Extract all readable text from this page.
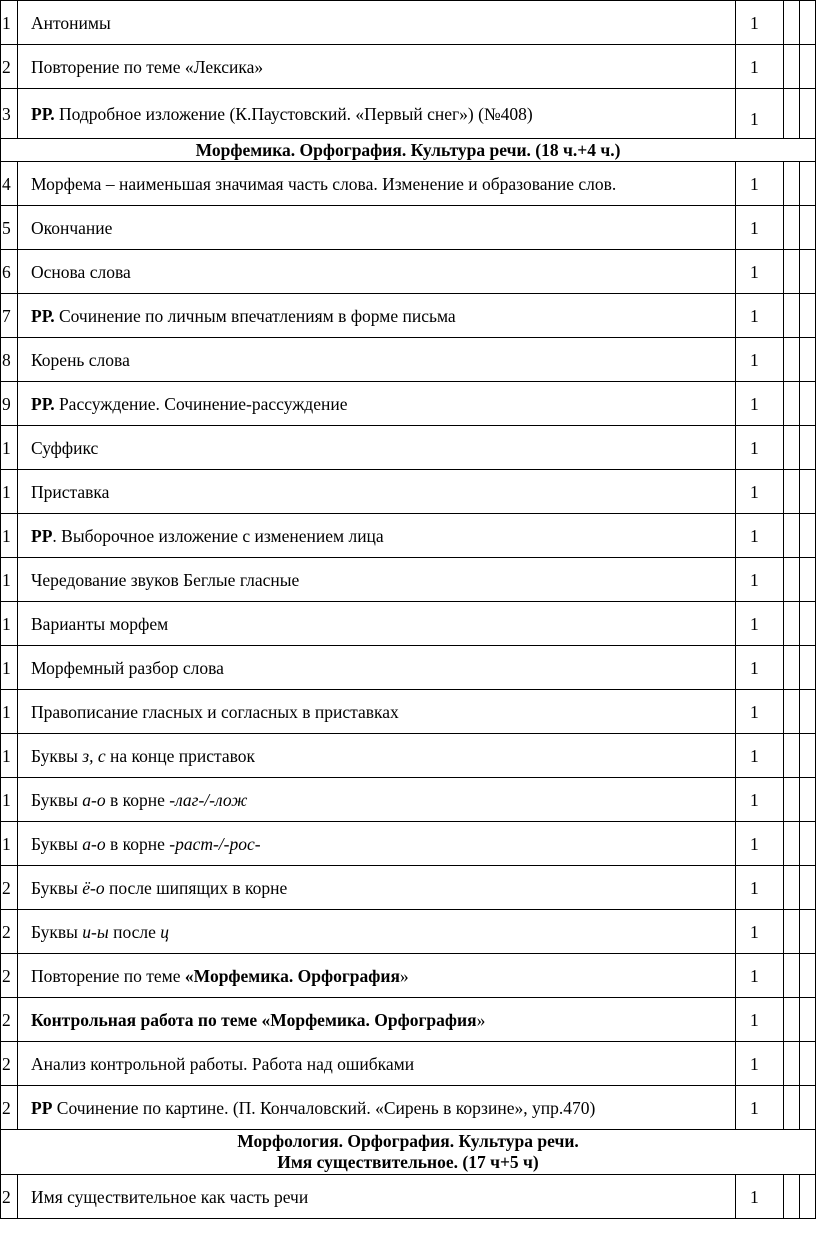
1	Антонимы	1		
2	Повторение по теме «Лексика»	1		
3	РР. Подробное изложение (К.Паустовский. «Первый снег») (№408)	1		

Морфемика. Орфография. Культура речи. (18 ч.+4 ч.)				

4	Морфема – наименьшая значимая часть слова. Изменение и образование слов.	1		
5	Окончание	1		
6	Основа слова	1		
7	РР. Сочинение по личным впечатлениям в форме письма	1		
8	Корень слова	1		
9	РР. Рассуждение. Сочинение-рассуждение	1		
1	Суффикс	1		
1	Приставка	1		
1	РР. Выборочное изложение с изменением лица	1		
1	Чередование звуков Беглые гласные	1		
1	Варианты морфем	1		
1	Морфемный разбор слова	1		
1	Правописание гласных и согласных в приставках	1		
1	Буквы з, с на конце приставок	1		
1	Буквы а-о в корне -лаг-/-лож	1		
1	Буквы а-о в корне -раст-/-рос-	1		
2	Буквы ё-о после шипящих в корне	1		
2	Буквы и-ы после ц	1		
2	Повторение по теме «Морфемика. Орфография»	1		
2	Контрольная работа по теме «Морфемика. Орфография»	1		
2	Анализ контрольной работы. Работа над ошибками	1		
2	РР Сочинение по картине. (П. Кончаловский. «Сирень в корзине», упр.470)	1		

Морфология. Орфография. Культура речи.
Имя существительное. (17 ч+5 ч)				

2	Имя существительное как часть речи	1		
